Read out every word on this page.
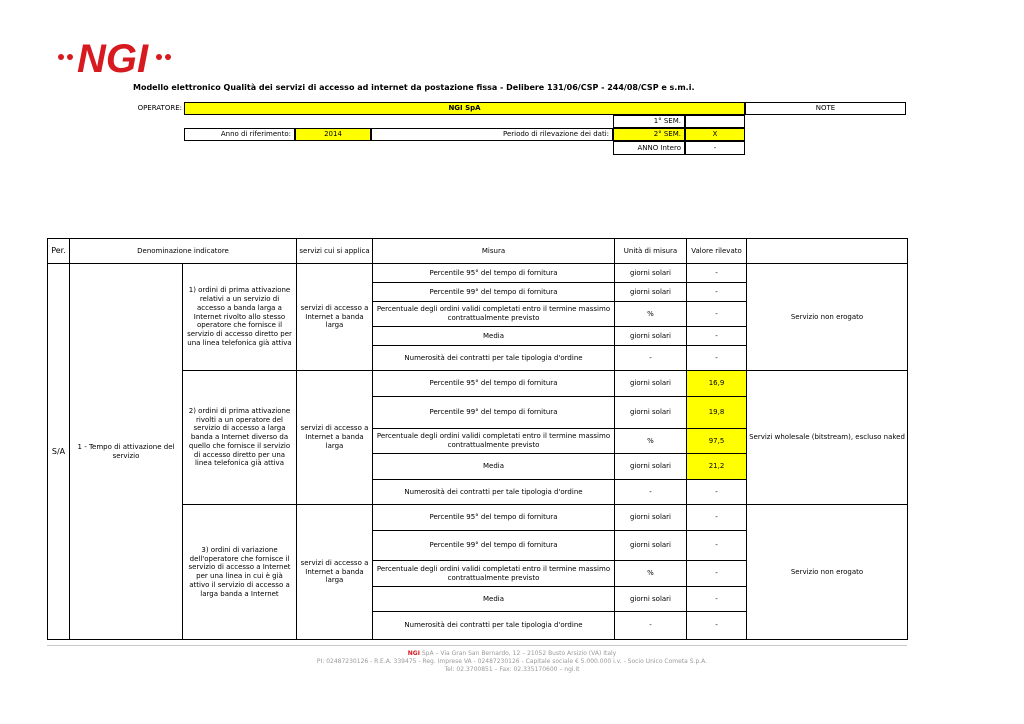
NGI
Modello elettronico Qualità dei servizi di accesso ad internet da postazione fissa - Delibere 131/06/CSP - 244/08/CSP e s.m.i.
OPERATORE:	NGI SpA	NOTE
1° SEM.
Anno di riferimento:	2014	Periodo di rilevazione dei dati:	2° SEM.	X
ANNO Intero	-
Per.	Denominazione indicatore		servizi cui si applica	Misura	Unità di misura	Valore rilevato	
S/A	1 - Tempo di attivazione del servizio	1) ordini di prima attivazione relativi a un servizio di accesso a banda larga a Internet rivolto allo stesso operatore che fornisce il servizio di accesso diretto per una linea telefonica già attiva	servizi di accesso a Internet a banda larga	Percentile 95° del tempo di fornitura	giorni solari	-	Servizio non erogato
				Percentile 99° del tempo di fornitura	giorni solari	-	
				Percentuale degli ordini validi completati entro il termine massimo contrattualmente previsto	%	-	
				Media	giorni solari	-	
				Numerosità dei contratti per tale tipologia d'ordine	-	-	
		2) ordini di prima attivazione rivolti a un operatore del servizio di accesso a larga banda a Internet diverso da quello che fornisce il servizio di accesso diretto per una linea telefonica già attiva	servizi di accesso a Internet a banda larga	Percentile 95° del tempo di fornitura	giorni solari	16,9	Servizi wholesale (bitstream), escluso naked
				Percentile 99° del tempo di fornitura	giorni solari	19,8	
				Percentuale degli ordini validi completati entro il termine massimo contrattualmente previsto	%	97,5	
				Media	giorni solari	21,2	
				Numerosità dei contratti per tale tipologia d'ordine	-	-	
		3) ordini di variazione dell'operatore che fornisce il servizio di accesso a Internet per una linea in cui è già attivo il servizio di accesso a larga banda a Internet	servizi di accesso a Internet a banda larga	Percentile 95° del tempo di fornitura	giorni solari	-	Servizio non erogato
				Percentile 99° del tempo di fornitura	giorni solari	-	
				Percentuale degli ordini validi completati entro il termine massimo contrattualmente previsto	%	-	
				Media	giorni solari	-	
				Numerosità dei contratti per tale tipologia d'ordine	-	-	
NGI SpA – Via Gran San Bernardo, 12 – 21052 Busto Arsizio (VA) Italy
PI: 02487230126 - R.E.A. 339475 - Reg. Imprese VA - 02487230126 - Capitale sociale € 5.000.000 i.v. - Socio Unico Cometa S.p.A.
Tel: 02.3700851 – Fax: 02.335170600 – ngi.it
